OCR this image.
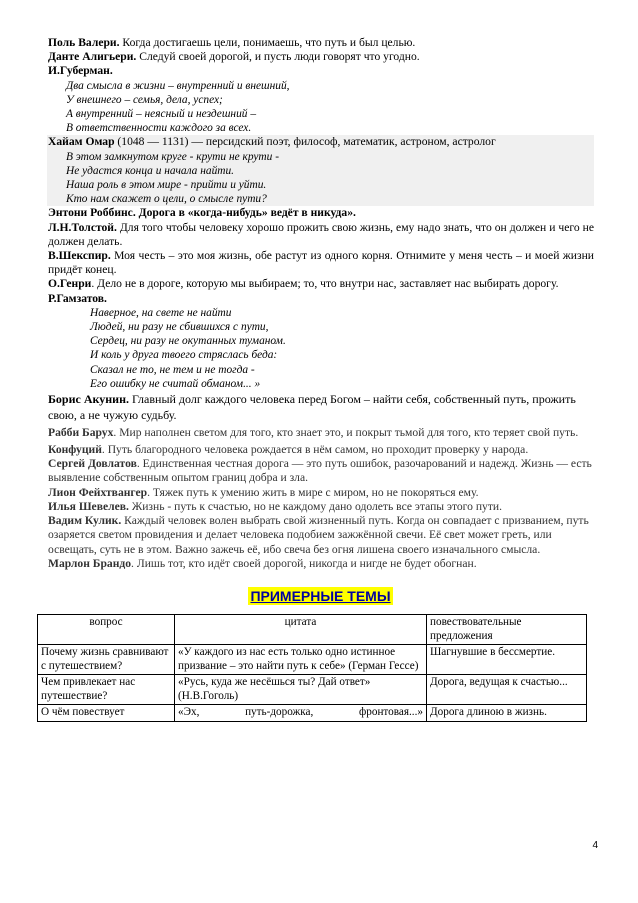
Поль Валери. Когда достигаешь цели, понимаешь, что путь и был целью.
Данте Алигьери. Следуй своей дорогой, и пусть люди говорят что угодно.
И.Губерман.
Два смысла в жизни – внутренний и внешний,
У внешнего – семья, дела, успех;
А внутренний – неясный и нездешний –
В ответственности каждого за всех.
Хайам Омар (1048 — 1131) — персидский поэт, философ, математик, астроном, астролог
В этом замкнутом круге - крути не крути -
Не удастся конца и начала найти.
Наша роль в этом мире - прийти и уйти.
Кто нам скажет о цели, о смысле пути?
Энтони Роббинс. Дорога в «когда-нибудь» ведёт в никуда».
Л.Н.Толстой. Для того чтобы человеку хорошо прожить свою жизнь, ему надо знать, что он должен и чего не должен делать.
В.Шекспир. Моя честь – это моя жизнь, обе растут из одного корня. Отнимите у меня честь – и моей жизни придёт конец.
О.Генри. Дело не в дороге, которую мы выбираем; то, что внутри нас, заставляет нас выбирать дорогу.
Р.Гамзатов.
Наверное, на свете не найти
Людей, ни разу не сбившихся с пути,
Сердец, ни разу не окутанных туманом.
И коль у друга твоего стряслась беда:
Сказал не то, не тем и не тогда -
Его ошибку не считай обманом... »
Борис Акунин. Главный долг каждого человека перед Богом – найти себя, собственный путь, прожить свою, а не чужую судьбу.
Рабби Барух. Мир наполнен светом для того, кто знает это, и покрыт тьмой для того, кто теряет свой путь.
Конфуций. Путь благородного человека рождается в нём самом, но проходит проверку у народа.
Сергей Довлатов. Единственная честная дорога — это путь ошибок, разочарований и надежд. Жизнь — есть выявление собственным опытом границ добра и зла.
Лион Фейхтвангер. Тяжек путь к умению жить в мире с миром, но не покоряться ему.
Илья Шевелев. Жизнь - путь к счастью, но не каждому дано одолеть все этапы этого пути.
Вадим Кулик. Каждый человек волен выбрать свой жизненный путь. Когда он совпадает с призванием, путь озаряется светом провидения и делает человека подобием зажжённой свечи. Её свет может греть, или освещать, суть не в этом. Важно зажечь её, ибо свеча без огня лишена своего изначального смысла.
Марлон Брандо. Лишь тот, кто идёт своей дорогой, никогда и нигде не будет обогнан.
ПРИМЕРНЫЕ ТЕМЫ
вопрос	цитата	повествовательные предложения
Почему жизнь сравнивают с путешествием?	«У каждого из нас есть только одно истинное призвание – это найти путь к себе» (Герман Гессе)	Шагнувшие в бессмертие.
Чем привлекает нас путешествие?	«Русь, куда же несёшься ты? Дай ответ» (Н.В.Гоголь)	Дорога, ведущая к счастью...
О чём повествует	«Эх, путь-дорожка, фронтовая...»	Дорога длиною в жизнь.
4
